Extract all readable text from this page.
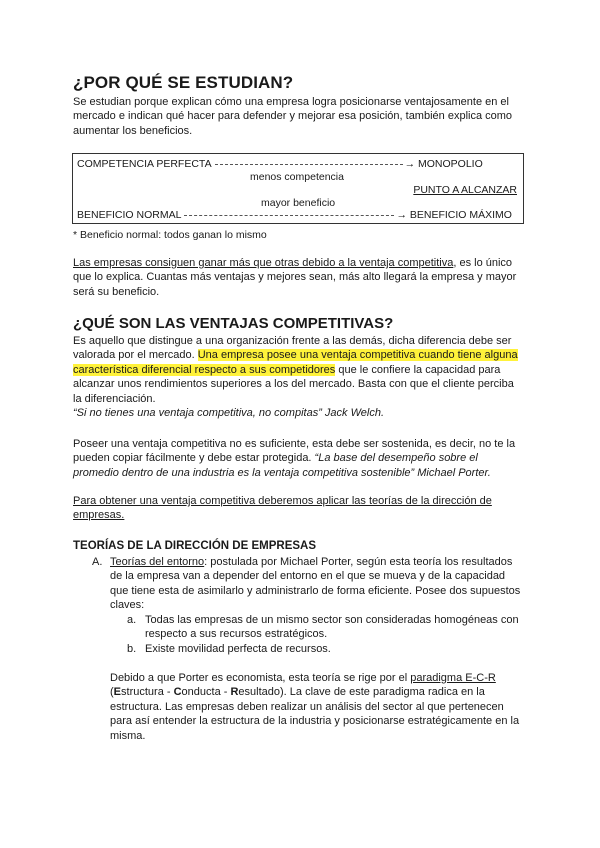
¿POR QUÉ SE ESTUDIAN?
Se estudian porque explican cómo una empresa logra posicionarse ventajosamente en el
mercado e indican qué hacer para defender y mejorar esa posición, también explica como
aumentar los beneficios.
COMPETENCIA PERFECTA	→ MONOPOLIO
menos competencia
PUNTO A ALCANZAR
mayor beneficio
BENEFICIO NORMAL	→ BENEFICIO MÁXIMO
* Beneficio normal: todos ganan lo mismo
Las empresas consiguen ganar más que otras debido a la ventaja competitiva, es lo único
que lo explica. Cuantas más ventajas y mejores sean, más alto llegará la empresa y mayor
será su beneficio.
¿QUÉ SON LAS VENTAJAS COMPETITIVAS?
Es aquello que distingue a una organización frente a las demás, dicha diferencia debe ser
valorada por el mercado. Una empresa posee una ventaja competitiva cuando tiene alguna
característica diferencial respecto a sus competidores que le confiere la capacidad para
alcanzar unos rendimientos superiores a los del mercado. Basta con que el cliente perciba
la diferenciación.
“Si no tienes una ventaja competitiva, no compitas” Jack Welch.
Poseer una ventaja competitiva no es suficiente, esta debe ser sostenida, es decir, no te la
pueden copiar fácilmente y debe estar protegida. “La base del desempeño sobre el
promedio dentro de una industria es la ventaja competitiva sostenible” Michael Porter.
Para obtener una ventaja competitiva deberemos aplicar las teorías de la dirección de
empresas.
TEORÍAS DE LA DIRECCIÓN DE EMPRESAS
A. Teorías del entorno: postulada por Michael Porter, según esta teoría los resultados
de la empresa van a depender del entorno en el que se mueva y de la capacidad
que tiene esta de asimilarlo y administrarlo de forma eficiente. Posee dos supuestos
claves:
a. Todas las empresas de un mismo sector son consideradas homogéneas con
respecto a sus recursos estratégicos.
b. Existe movilidad perfecta de recursos.
Debido a que Porter es economista, esta teoría se rige por el paradigma E-C-R
(Estructura - Conducta - Resultado). La clave de este paradigma radica en la
estructura. Las empresas deben realizar un análisis del sector al que pertenecen
para así entender la estructura de la industria y posicionarse estratégicamente en la
misma.
